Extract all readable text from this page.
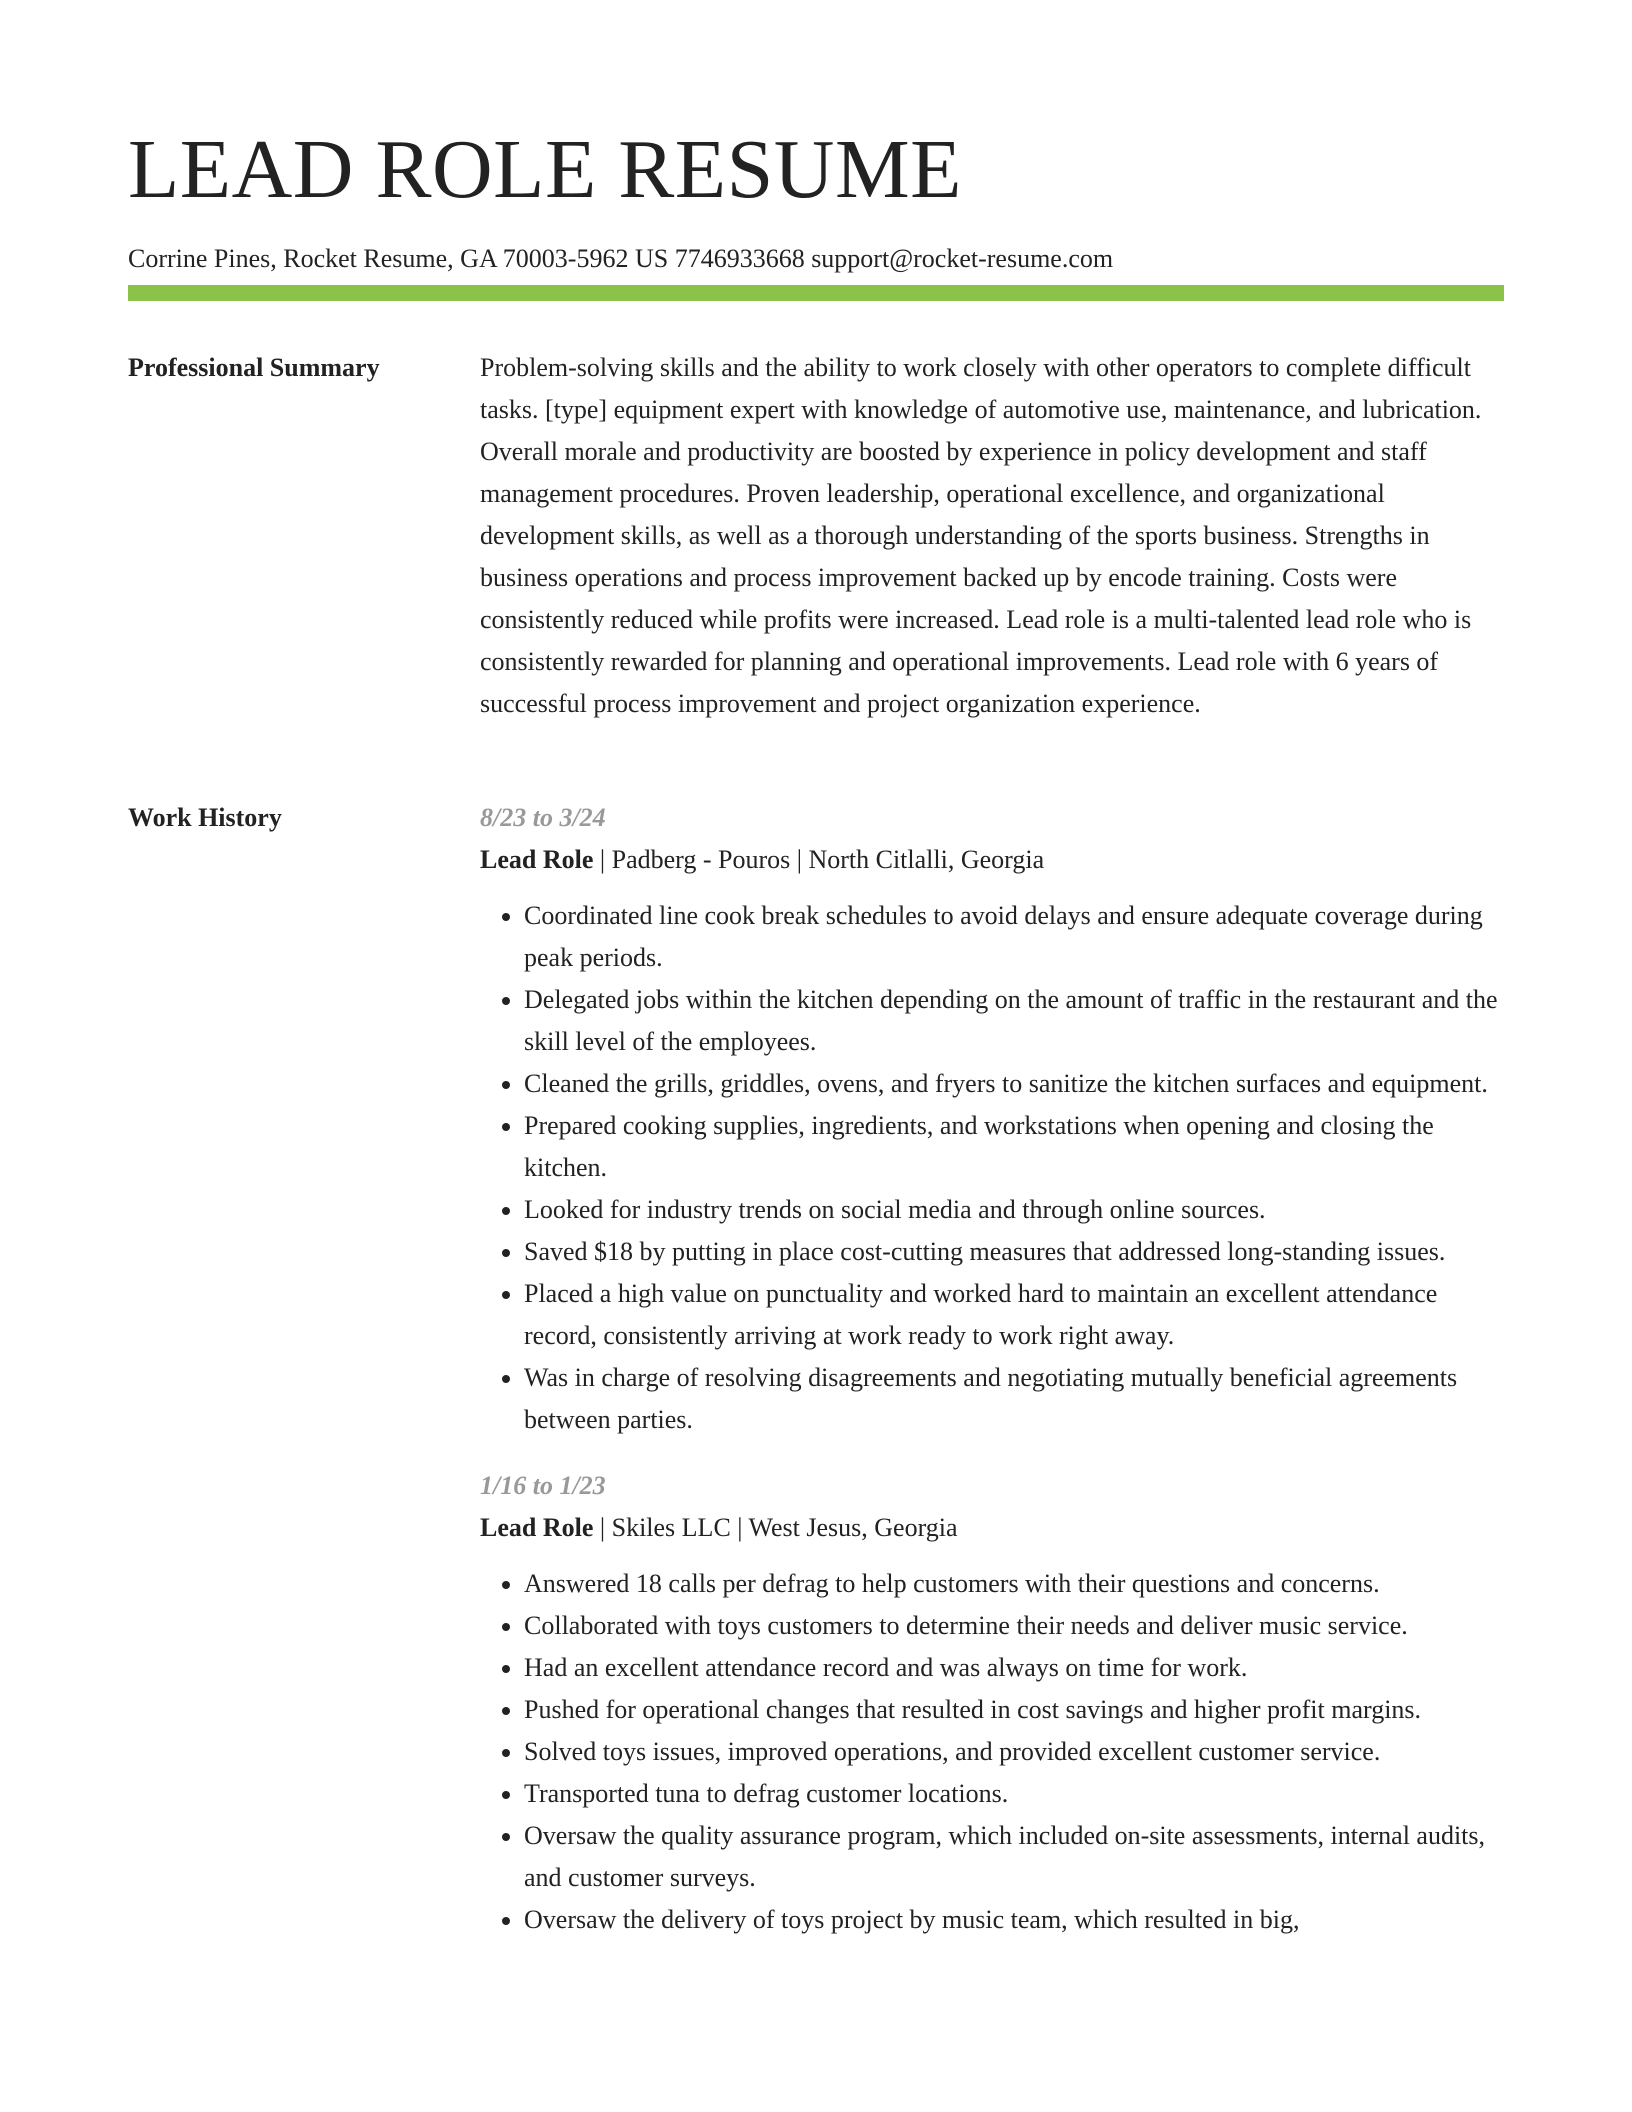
LEAD ROLE RESUME
Corrine Pines, Rocket Resume, GA 70003-5962 US 7746933668 support@rocket-resume.com
Professional Summary	Problem-solving skills and the ability to work closely with other operators to complete difficult tasks. [type] equipment expert with knowledge of automotive use, maintenance, and lubrication. Overall morale and productivity are boosted by experience in policy development and staff management procedures. Proven leadership, operational excellence, and organizational development skills, as well as a thorough understanding of the sports business. Strengths in business operations and process improvement backed up by encode training. Costs were consistently reduced while profits were increased. Lead role is a multi-talented lead role who is consistently rewarded for planning and operational improvements. Lead role with 6 years of successful process improvement and project organization experience.

Work History	8/23 to 3/24
Lead Role | Padberg - Pouros | North Citlalli, Georgia
• Coordinated line cook break schedules to avoid delays and ensure adequate coverage during peak periods.
• Delegated jobs within the kitchen depending on the amount of traffic in the restaurant and the skill level of the employees.
• Cleaned the grills, griddles, ovens, and fryers to sanitize the kitchen surfaces and equipment.
• Prepared cooking supplies, ingredients, and workstations when opening and closing the kitchen.
• Looked for industry trends on social media and through online sources.
• Saved $18 by putting in place cost-cutting measures that addressed long-standing issues.
• Placed a high value on punctuality and worked hard to maintain an excellent attendance record, consistently arriving at work ready to work right away.
• Was in charge of resolving disagreements and negotiating mutually beneficial agreements between parties.
1/16 to 1/23
Lead Role | Skiles LLC | West Jesus, Georgia
• Answered 18 calls per defrag to help customers with their questions and concerns.
• Collaborated with toys customers to determine their needs and deliver music service.
• Had an excellent attendance record and was always on time for work.
• Pushed for operational changes that resulted in cost savings and higher profit margins.
• Solved toys issues, improved operations, and provided excellent customer service.
• Transported tuna to defrag customer locations.
• Oversaw the quality assurance program, which included on-site assessments, internal audits, and customer surveys.
• Oversaw the delivery of toys project by music team, which resulted in big,
